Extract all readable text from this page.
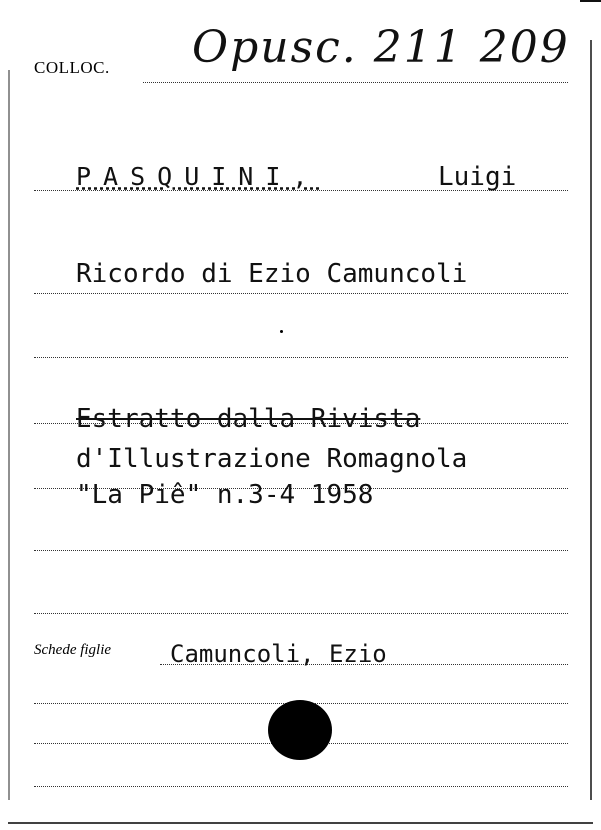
COLLOC. Opusc. 211 209
PASQUINI,	Luigi
Ricordo di Ezio Camuncoli
Estratto dalla Rivista
d'Illustrazione Romagnola
"La Piê" n.3-4 1958
Schede figlie Camuncoli, Ezio
